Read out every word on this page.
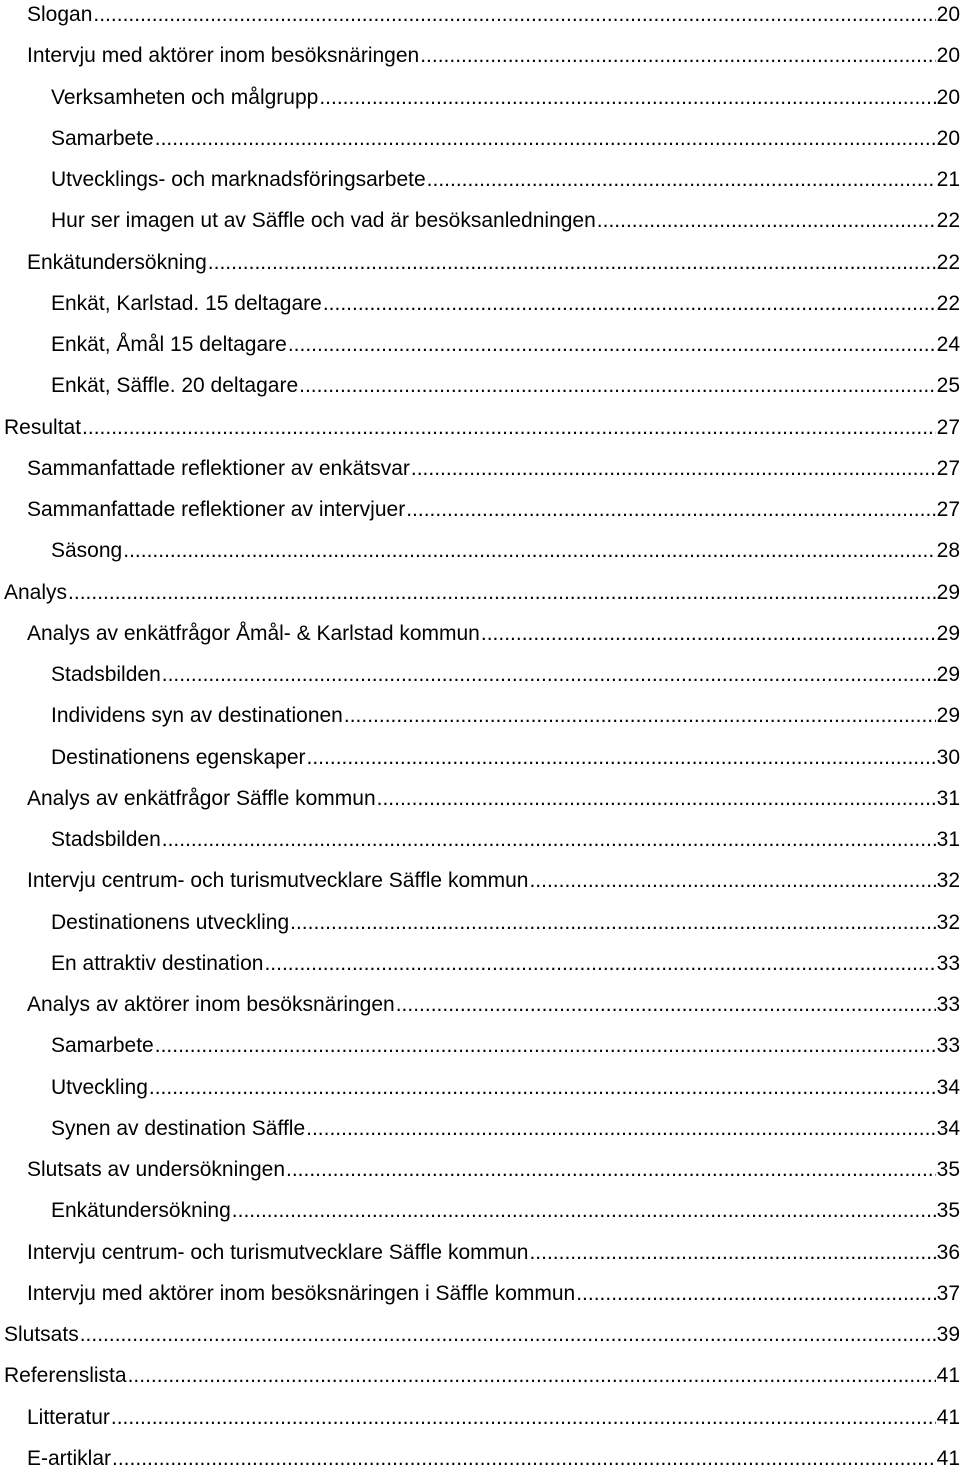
Slogan .....	20
Intervju med aktörer inom besöksnäringen .....	20
Verksamheten och målgrupp .....	20
Samarbete .....	20
Utvecklings- och marknadsföringsarbete .....	21
Hur ser imagen ut av Säffle och vad är besöksanledningen .....	22
Enkätundersökning .....	22
Enkät, Karlstad. 15 deltagare .....	22
Enkät, Åmål 15 deltagare .....	24
Enkät, Säffle. 20 deltagare .....	25
Resultat .....	27
Sammanfattade reflektioner av enkätsvar .....	27
Sammanfattade reflektioner av intervjuer .....	27
Säsong .....	28
Analys .....	29
Analys av enkätfrågor Åmål- & Karlstad kommun .....	29
Stadsbilden .....	29
Individens syn av destinationen .....	29
Destinationens egenskaper .....	30
Analys av enkätfrågor Säffle kommun .....	31
Stadsbilden .....	31
Intervju centrum- och turismutvecklare Säffle kommun .....	32
Destinationens utveckling .....	32
En attraktiv destination .....	33
Analys av aktörer inom besöksnäringen .....	33
Samarbete .....	33
Utveckling .....	34
Synen av destination Säffle .....	34
Slutsats av undersökningen .....	35
Enkätundersökning .....	35
Intervju centrum- och turismutvecklare Säffle kommun .....	36
Intervju med aktörer inom besöksnäringen i Säffle kommun .....	37
Slutsats .....	39
Referenslista .....	41
Litteratur .....	41
E-artiklar .....	41
